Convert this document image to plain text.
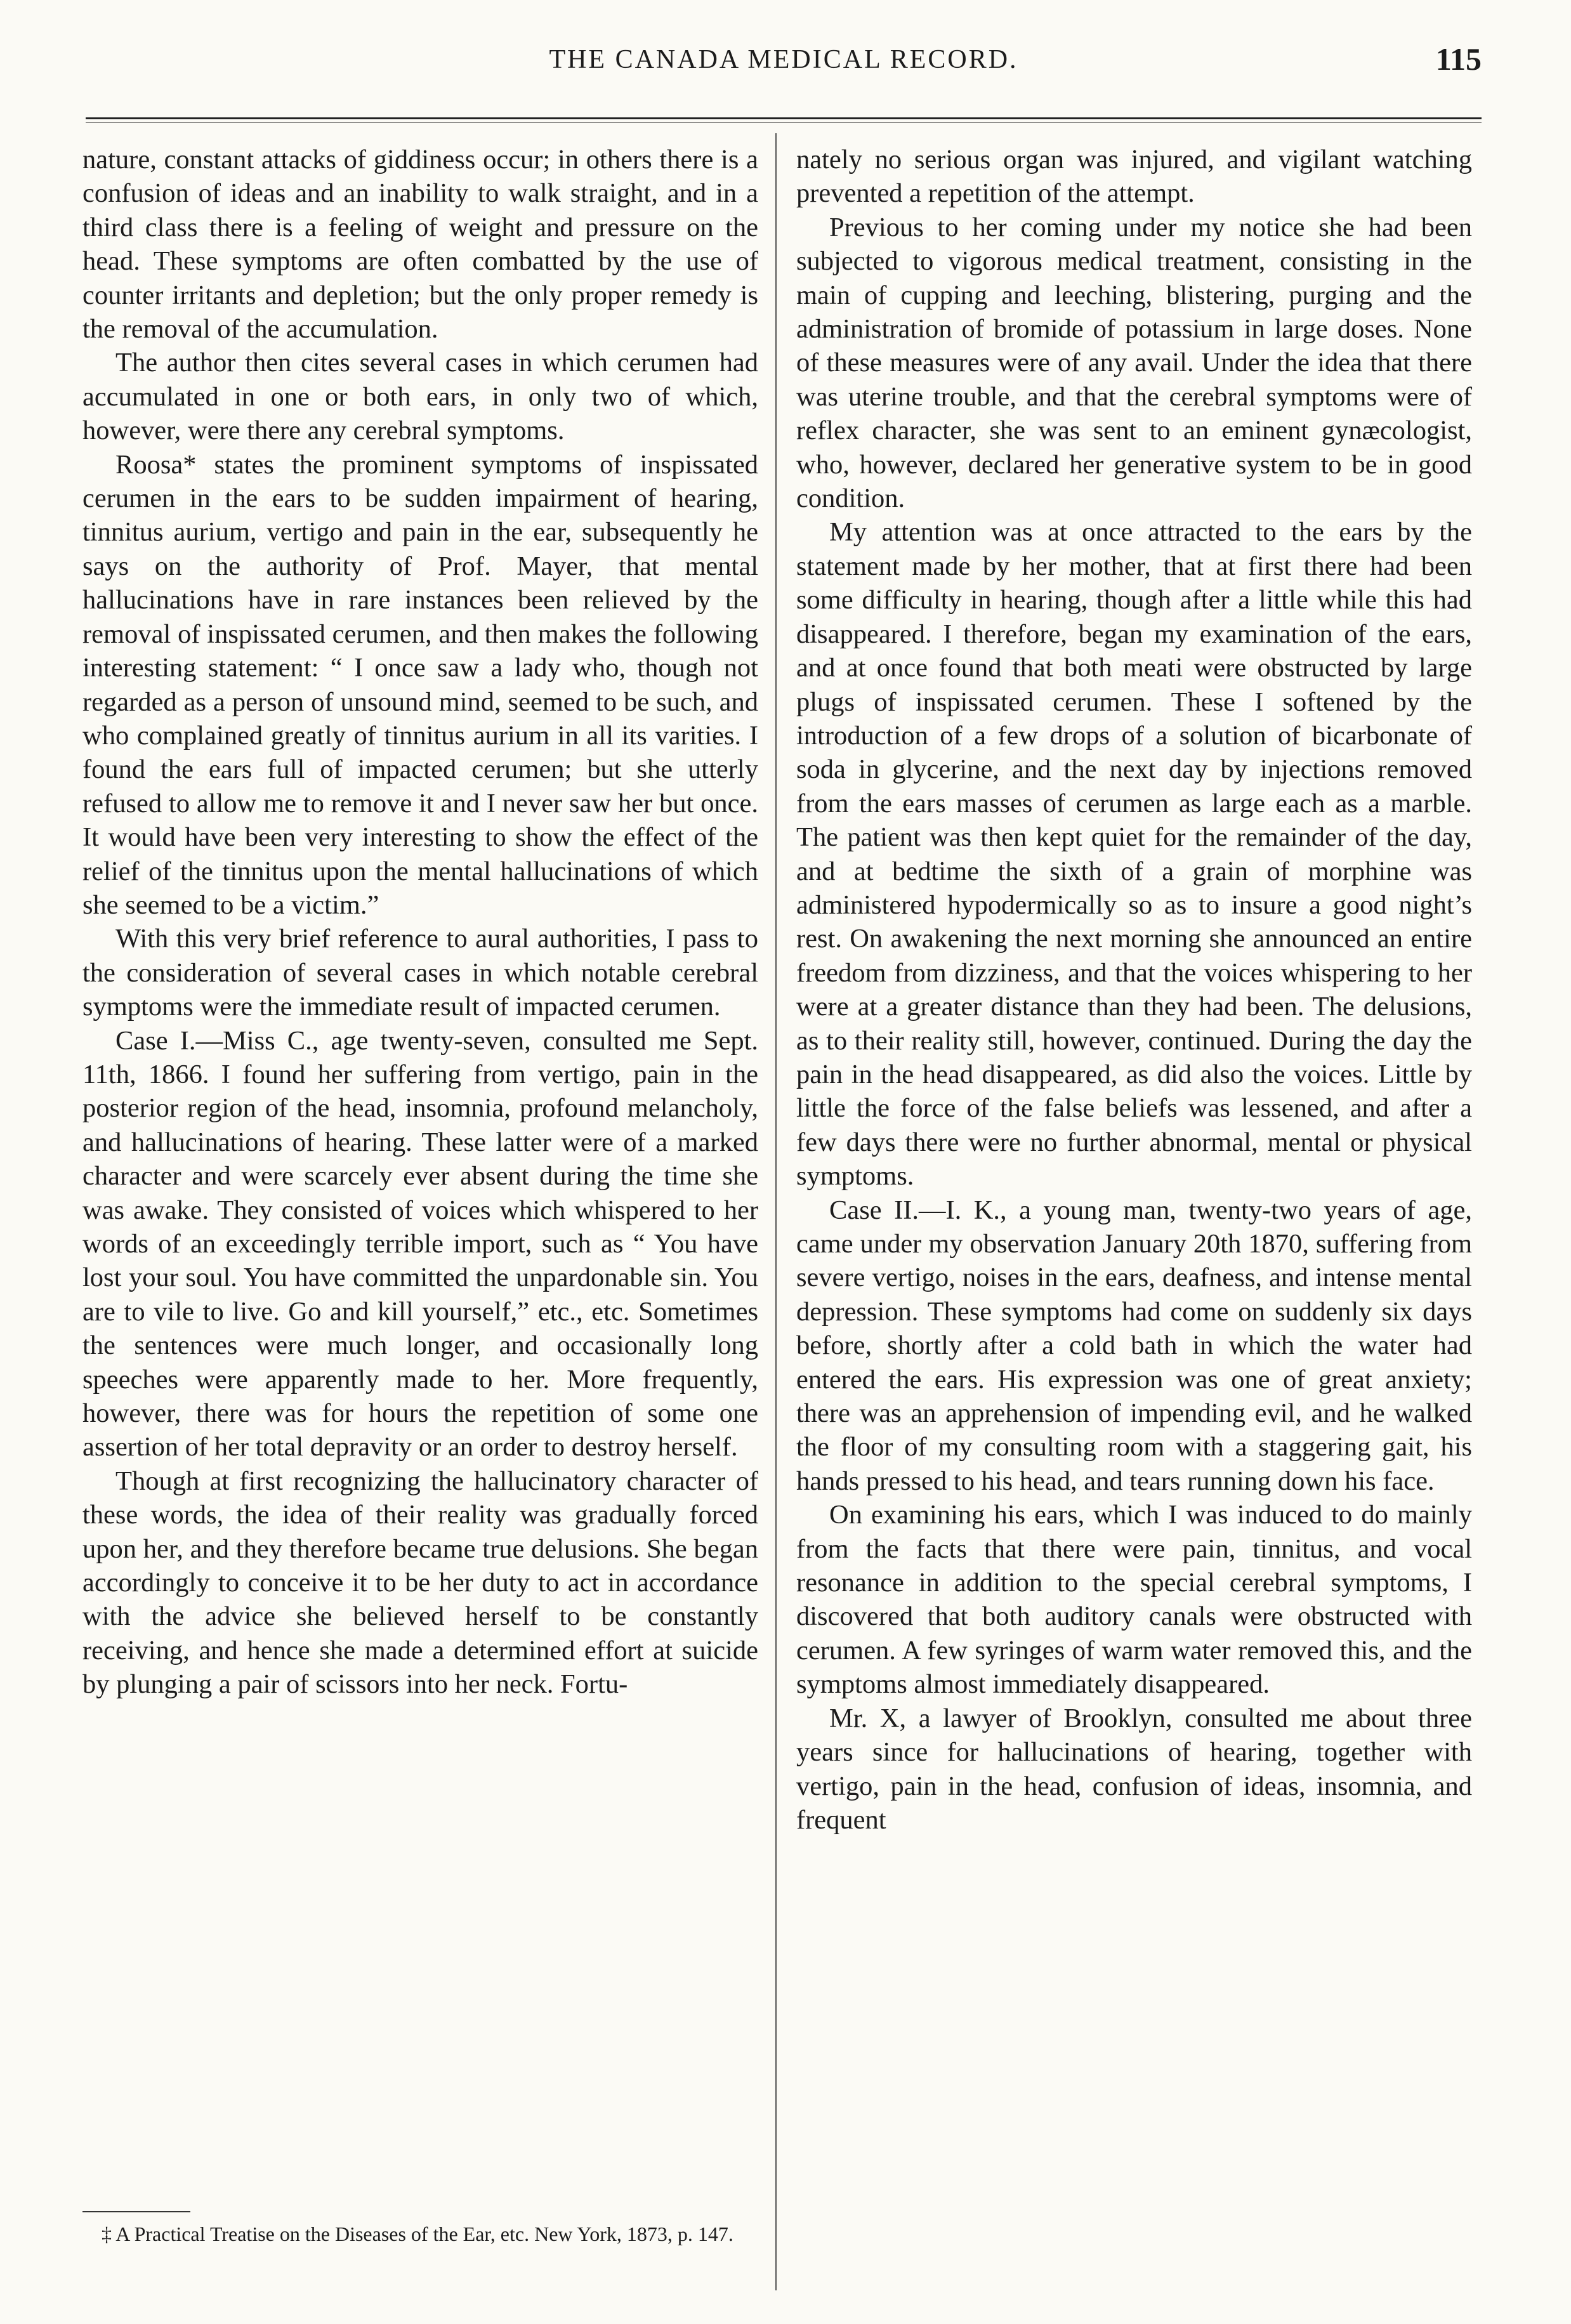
THE CANADA MEDICAL RECORD.	115

nature, constant attacks of giddiness occur; in others there is a confusion of ideas and an inability to walk straight, and in a third class there is a feeling of weight and pressure on the head. These symptoms are often combatted by the use of counter irritants and depletion; but the only proper remedy is the removal of the accumulation.

The author then cites several cases in which cerumen had accumulated in one or both ears, in only two of which, however, were there any cerebral symptoms.

Roosa* states the prominent symptoms of inspissated cerumen in the ears to be sudden impairment of hearing, tinnitus aurium, vertigo and pain in the ear, subsequently he says on the authority of Prof. Mayer, that mental hallucinations have in rare instances been relieved by the removal of inspissated cerumen, and then makes the following interesting statement: “ I once saw a lady who, though not regarded as a person of unsound mind, seemed to be such, and who complained greatly of tinnitus aurium in all its varities. I found the ears full of impacted cerumen; but she utterly refused to allow me to remove it and I never saw her but once. It would have been very interesting to show the effect of the relief of the tinnitus upon the mental hallucinations of which she seemed to be a victim.”

With this very brief reference to aural authorities, I pass to the consideration of several cases in which notable cerebral symptoms were the immediate result of impacted cerumen.

Case I.—Miss C., age twenty-seven, consulted me Sept. 11th, 1866. I found her suffering from vertigo, pain in the posterior region of the head, insomnia, profound melancholy, and hallucinations of hearing. These latter were of a marked character and were scarcely ever absent during the time she was awake. They consisted of voices which whispered to her words of an exceedingly terrible import, such as “ You have lost your soul. You have committed the unpardonable sin. You are to vile to live. Go and kill yourself,” etc., etc. Sometimes the sentences were much longer, and occasionally long speeches were apparently made to her. More frequently, however, there was for hours the repetition of some one assertion of her total depravity or an order to destroy herself.

Though at first recognizing the hallucinatory character of these words, the idea of their reality was gradually forced upon her, and they therefore became true delusions. She began accordingly to conceive it to be her duty to act in accordance with the advice she believed herself to be constantly receiving, and hence she made a determined effort at suicide by plunging a pair of scissors into her neck. Fortu-

nately no serious organ was injured, and vigilant watching prevented a repetition of the attempt.

Previous to her coming under my notice she had been subjected to vigorous medical treatment, consisting in the main of cupping and leeching, blistering, purging and the administration of bromide of potassium in large doses. None of these measures were of any avail. Under the idea that there was uterine trouble, and that the cerebral symptoms were of reflex character, she was sent to an eminent gynæcologist, who, however, declared her generative system to be in good condition.

My attention was at once attracted to the ears by the statement made by her mother, that at first there had been some difficulty in hearing, though after a little while this had disappeared. I therefore, began my examination of the ears, and at once found that both meati were obstructed by large plugs of inspissated cerumen. These I softened by the introduction of a few drops of a solution of bicarbonate of soda in glycerine, and the next day by injections removed from the ears masses of cerumen as large each as a marble. The patient was then kept quiet for the remainder of the day, and at bedtime the sixth of a grain of morphine was administered hypodermically so as to insure a good night’s rest. On awakening the next morning she announced an entire freedom from dizziness, and that the voices whispering to her were at a greater distance than they had been. The delusions, as to their reality still, however, continued. During the day the pain in the head disappeared, as did also the voices. Little by little the force of the false beliefs was lessened, and after a few days there were no further abnormal, mental or physical symptoms.

Case II.—I. K., a young man, twenty-two years of age, came under my observation January 20th 1870, suffering from severe vertigo, noises in the ears, deafness, and intense mental depression. These symptoms had come on suddenly six days before, shortly after a cold bath in which the water had entered the ears. His expression was one of great anxiety; there was an apprehension of impending evil, and he walked the floor of my consulting room with a staggering gait, his hands pressed to his head, and tears running down his face.

On examining his ears, which I was induced to do mainly from the facts that there were pain, tinnitus, and vocal resonance in addition to the special cerebral symptoms, I discovered that both auditory canals were obstructed with cerumen. A few syringes of warm water removed this, and the symptoms almost immediately disappeared.

Mr. X, a lawyer of Brooklyn, consulted me about three years since for hallucinations of hearing, together with vertigo, pain in the head, confusion of ideas, insomnia, and frequent

‡ A Practical Treatise on the Diseases of the Ear, etc. New York, 1873, p. 147.
